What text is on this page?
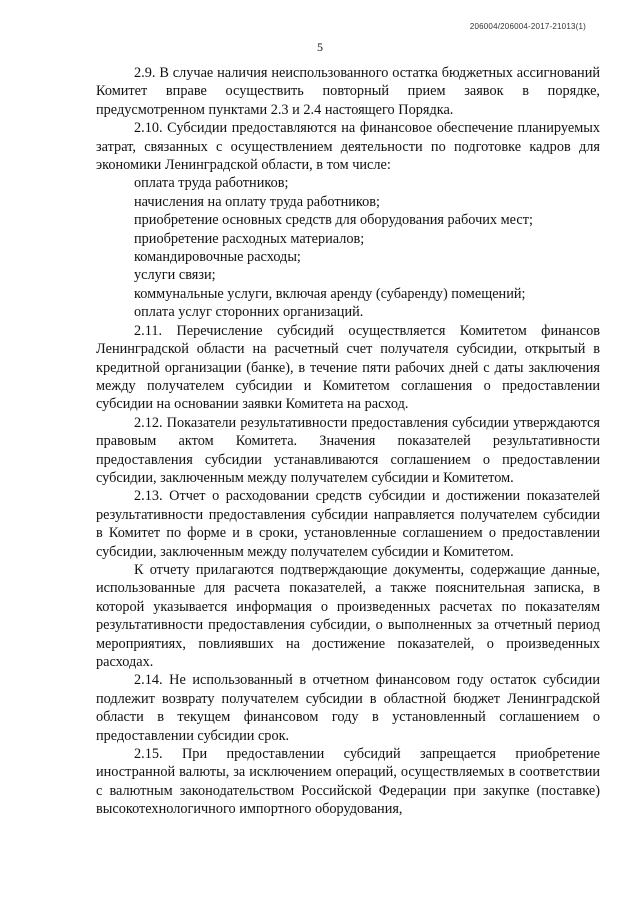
206004/206004-2017-21013(1)
5

2.9. В случае наличия неиспользованного остатка бюджетных ассигнований Комитет вправе осуществить повторный прием заявок в порядке, предусмотренном пунктами 2.3 и 2.4 настоящего Порядка.

2.10. Субсидии предоставляются на финансовое обеспечение планируемых затрат, связанных с осуществлением деятельности по подготовке кадров для экономики Ленинградской области, в том числе:

оплата труда работников;

начисления на оплату труда работников;

приобретение основных средств для оборудования рабочих мест;

приобретение расходных материалов;

командировочные расходы;

услуги связи;

коммунальные услуги, включая аренду (субаренду) помещений;

оплата услуг сторонних организаций.

2.11. Перечисление субсидий осуществляется Комитетом финансов Ленинградской области на расчетный счет получателя субсидии, открытый в кредитной организации (банке), в течение пяти рабочих дней с даты заключения между получателем субсидии и Комитетом соглашения о предоставлении субсидии на основании заявки Комитета на расход.

2.12. Показатели результативности предоставления субсидии утверждаются правовым актом Комитета. Значения показателей результативности предоставления субсидии устанавливаются соглашением о предоставлении субсидии, заключенным между получателем субсидии и Комитетом.

2.13. Отчет о расходовании средств субсидии и достижении показателей результативности предоставления субсидии направляется получателем субсидии в Комитет по форме и в сроки, установленные соглашением о предоставлении субсидии, заключенным между получателем субсидии и Комитетом.

К отчету прилагаются подтверждающие документы, содержащие данные, использованные для расчета показателей, а также пояснительная записка, в которой указывается информация о произведенных расчетах по показателям результативности предоставления субсидии, о выполненных за отчетный период мероприятиях, повлиявших на достижение показателей, о произведенных расходах.

2.14. Не использованный в отчетном финансовом году остаток субсидии подлежит возврату получателем субсидии в областной бюджет Ленинградской области в текущем финансовом году в установленный соглашением о предоставлении субсидии срок.

2.15. При предоставлении субсидий запрещается приобретение иностранной валюты, за исключением операций, осуществляемых в соответствии с валютным законодательством Российской Федерации при закупке (поставке) высокотехнологичного импортного оборудования,
